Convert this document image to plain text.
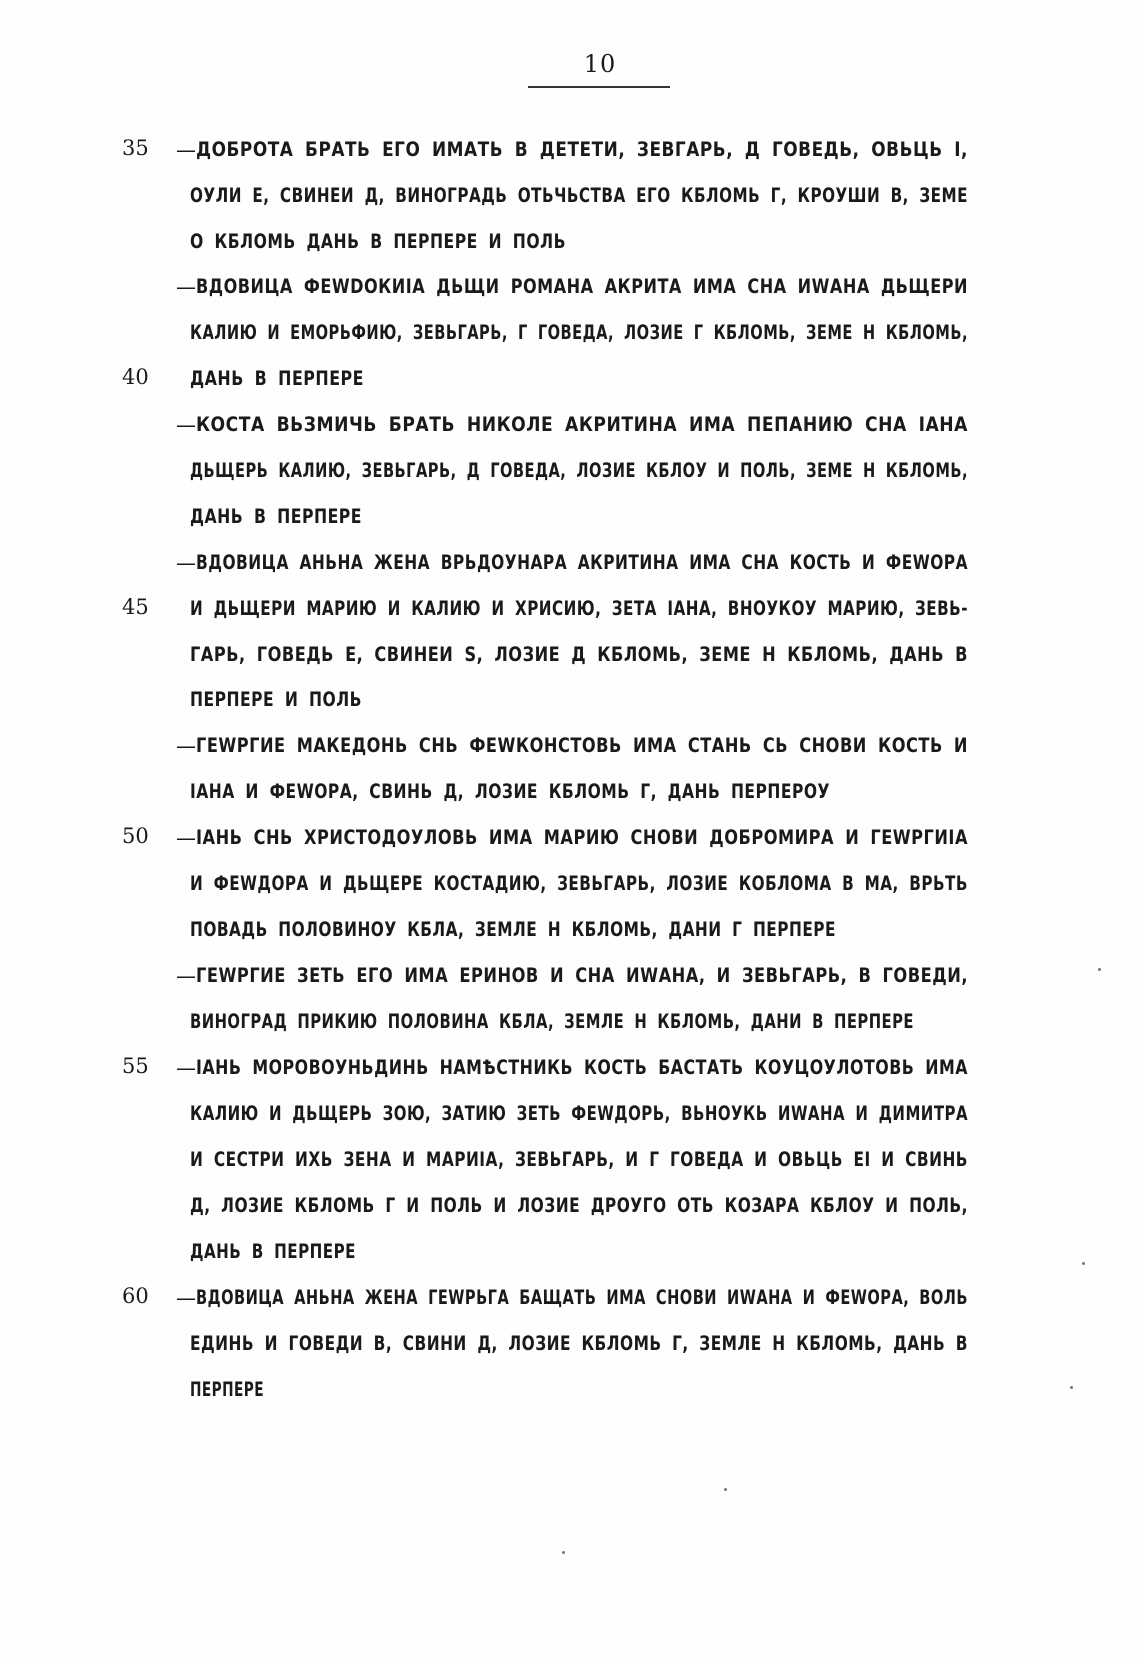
10
35	— ДОБРОТА БРАТЬ ЕГО ИМАТЬ В ДЕТЕТИ, ЗЕВГАРЬ, Д ГОВЕДЬ, ОВЬЦЬ І,
ОУЛИ Е, СВИНЕИ Д, ВИНОГРАДЬ ОТЬЧЬСТВА ЕГО КБЛОМЬ Г, КРОУШИ В, ЗЕМЕ
О КБЛОМЬ ДАНЬ В ПЕРПЕРЕ И ПОЛЬ
— ВДОВИЦА ФЕWDОКИIA ДЬЩИ РОМАНА АКРИТА ИМА СНА ИWАНА ДЬЩЕРИ
КАЛИЮ И ЕМОРЬФИЮ, ЗЕВЬГАРЬ, Г ГОВЕДА, ЛОЗИЕ Г КБЛОМЬ, ЗЕМЕ Н КБЛОМЬ,
40	ДАНЬ В ПЕРПЕРЕ
— КОСТА ВЬЗМИЧЬ БРАТЬ НИКОЛЕ АКРИТИНА ИМА ПЕПАНИЮ СНА IАНА
ДЬЩЕРЬ КАЛИЮ, ЗЕВЬГАРЬ, Д ГОВЕДА, ЛОЗИЕ КБЛОУ И ПОЛЬ, ЗЕМЕ Н КБЛОМЬ,
ДАНЬ В ПЕРПЕРЕ
— ВДОВИЦА АНЬНА ЖЕНА ВРЬДОУНАРА АКРИТИНА ИМА СНА КОСТЬ И ФЕWОРА
45	И ДЬЩЕРИ МАРИЮ И КАЛИЮ И ХРИСИЮ, ЗЕТА IАНА, ВНОУКОУ МАРИЮ, ЗЕВЬ-
ГАРЬ, ГОВЕДЬ Е, СВИНЕИ S, ЛОЗИЕ Д КБЛОМЬ, ЗЕМЕ Н КБЛОМЬ, ДАНЬ В
ПЕРПЕРЕ И ПОЛЬ
— ГЕWРГИЕ МАКЕДОНЬ СНЬ ФЕWКОНСТОВЬ ИМА СТАНЬ СЬ СНОВИ КОСТЬ И
IАНА И ФЕWОРА, СВИНЬ Д, ЛОЗИЕ КБЛОМЬ Г, ДАНЬ ПЕРПЕРОУ
50	— IАНЬ СНЬ ХРИСТОДОУЛОВЬ ИМА МАРИЮ СНОВИ ДОБРОМИРА И ГЕWРГИIA
И ФЕWДОРА И ДЬЩЕРЕ КОСТАДИЮ, ЗЕВЬГАРЬ, ЛОЗИЕ КОБЛОМА В МА, ВРЬТЬ
ПОВАДЬ ПОЛОВИНОУ КБЛА, ЗЕМЛЕ Н КБЛОМЬ, ДАНИ Г ПЕРПЕРЕ
— ГЕWРГИЕ ЗЕТЬ ЕГО ИМА ЕРИНОВ И СНА ИWАНА, И ЗЕВЬГАРЬ, В ГОВЕДИ,
ВИНОГРАД ПРИКИЮ ПОЛОВИНА КБЛА, ЗЕМЛЕ Н КБЛОМЬ, ДАНИ В ПЕРПЕРЕ
55	— IАНЬ МОРОВОУНЬДИНЬ НАМѢСТНИКЬ КОСТЬ БАСТАТЬ КОУЦОУЛОТОВЬ ИМА
КАЛИЮ И ДЬЩЕРЬ ЗОЮ, ЗАТИЮ ЗЕТЬ ФЕWДОРЬ, ВЬНОУКЬ ИWАНА И ДИМИТРА
И СЕСТРИ ИХЬ ЗЕНА И МАРИIA, ЗЕВЬГАРЬ, И Г ГОВЕДА И ОВЬЦЬ ЕІ И СВИНЬ
Д, ЛОЗИЕ КБЛОМЬ Г И ПОЛЬ И ЛОЗИЕ ДРОУГО ОТЬ КОЗАРА КБЛОУ И ПОЛЬ,
ДАНЬ В ПЕРПЕРЕ
60	— ВДОВИЦА АНЬНА ЖЕНА ГЕWРЬГА БАЩАТЬ ИМА СНОВИ ИWАНА И ФЕWОРА, ВОЛЬ
ЕДИНЬ И ГОВЕДИ В, СВИНИ Д, ЛОЗИЕ КБЛОМЬ Г, ЗЕМЛЕ Н КБЛОМЬ, ДАНЬ В
ПЕРПЕРЕ
